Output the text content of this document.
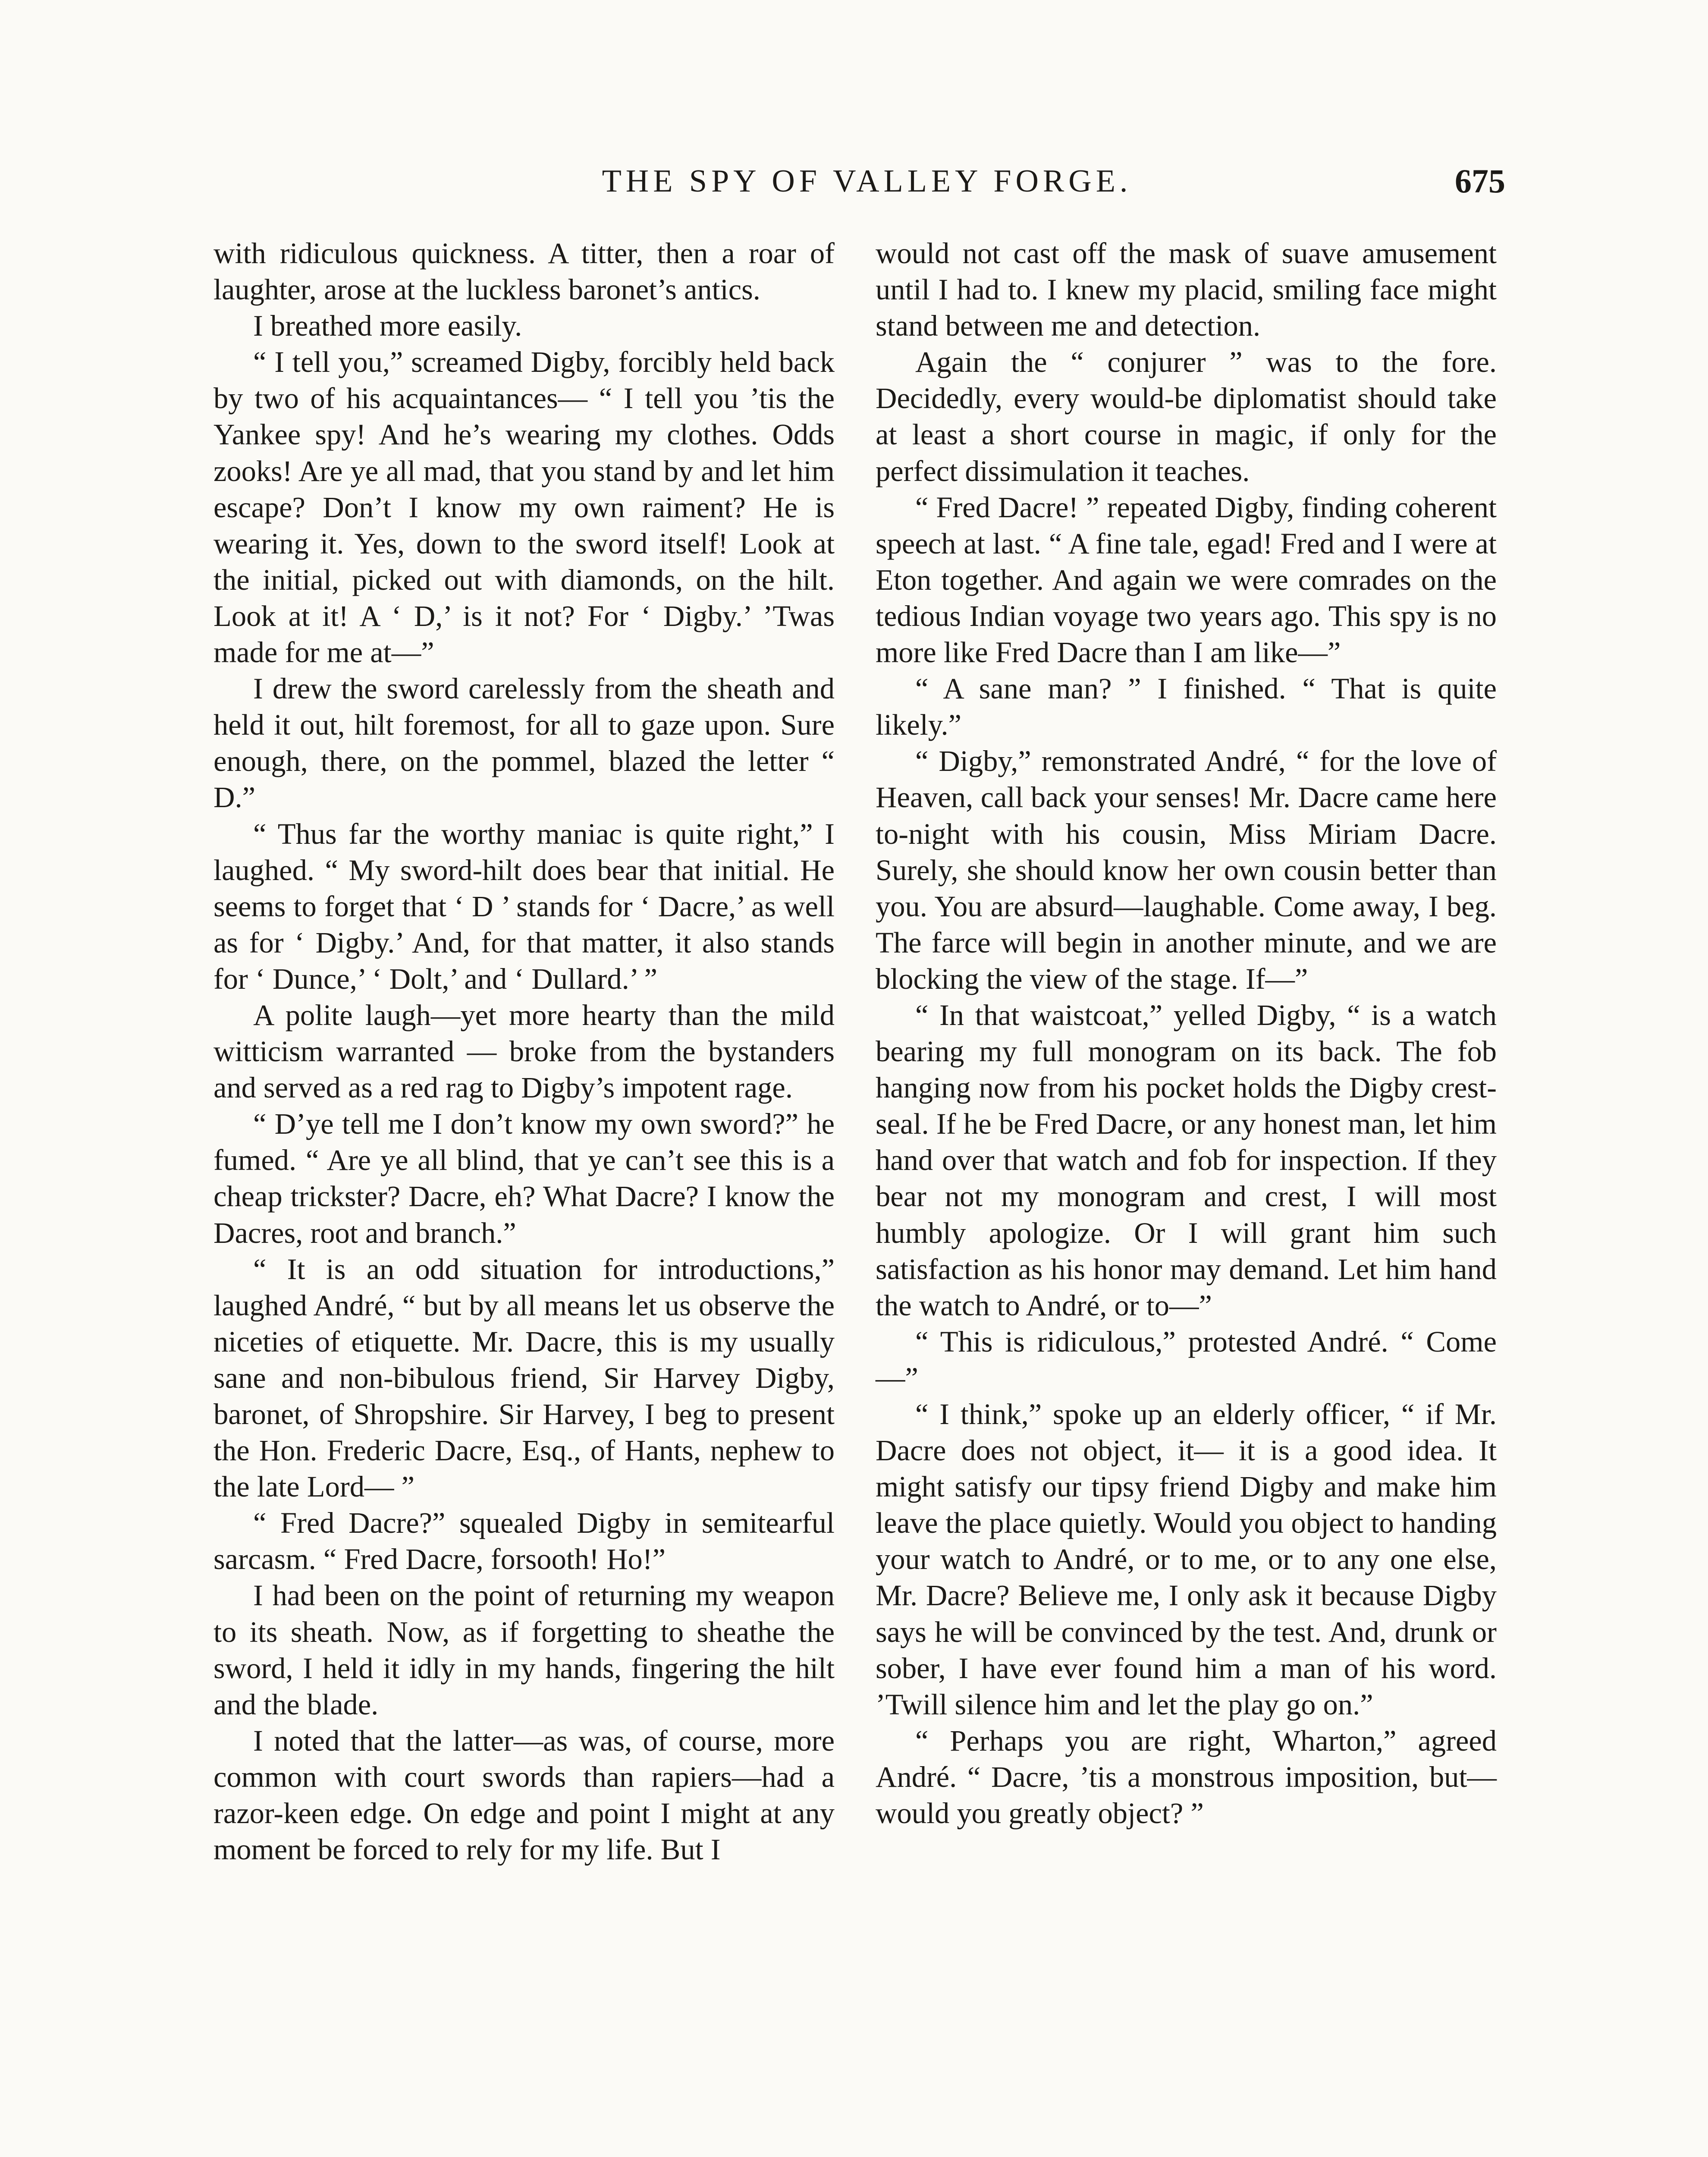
THE SPY OF VALLEY FORGE.	675

with ridiculous quickness. A titter, then a roar of laughter, arose at the luckless baronet’s antics.

I breathed more easily.

“ I tell you,” screamed Digby, forcibly held back by two of his acquaintances— “ I tell you ’tis the Yankee spy! And he’s wearing my clothes. Odds zooks! Are ye all mad, that you stand by and let him escape? Don’t I know my own raiment? He is wearing it. Yes, down to the sword itself! Look at the initial, picked out with diamonds, on the hilt. Look at it! A ‘ D,’ is it not? For ‘ Digby.’ ’Twas made for me at—”

I drew the sword carelessly from the sheath and held it out, hilt foremost, for all to gaze upon. Sure enough, there, on the pommel, blazed the letter “ D.”

“ Thus far the worthy maniac is quite right,” I laughed. “ My sword-hilt does bear that initial. He seems to forget that ‘ D ’ stands for ‘ Dacre,’ as well as for ‘ Digby.’ And, for that matter, it also stands for ‘ Dunce,’ ‘ Dolt,’ and ‘ Dullard.’ ”

A polite laugh—yet more hearty than the mild witticism warranted — broke from the bystanders and served as a red rag to Digby’s impotent rage.

“ D’ye tell me I don’t know my own sword?” he fumed. “ Are ye all blind, that ye can’t see this is a cheap trickster? Dacre, eh? What Dacre? I know the Dacres, root and branch.”

“ It is an odd situation for introductions,” laughed André, “ but by all means let us observe the niceties of etiquette. Mr. Dacre, this is my usually sane and non-bibulous friend, Sir Harvey Digby, baronet, of Shropshire. Sir Harvey, I beg to present the Hon. Frederic Dacre, Esq., of Hants, nephew to the late Lord— ”

“ Fred Dacre?” squealed Digby in semitearful sarcasm. “ Fred Dacre, forsooth! Ho!”

I had been on the point of returning my weapon to its sheath. Now, as if forgetting to sheathe the sword, I held it idly in my hands, fingering the hilt and the blade.

I noted that the latter—as was, of course, more common with court swords than rapiers—had a razor-keen edge. On edge and point I might at any moment be forced to rely for my life. But I

would not cast off the mask of suave amusement until I had to. I knew my placid, smiling face might stand between me and detection.

Again the “ conjurer ” was to the fore. Decidedly, every would-be diplomatist should take at least a short course in magic, if only for the perfect dissimulation it teaches.

“ Fred Dacre! ” repeated Digby, finding coherent speech at last. “ A fine tale, egad! Fred and I were at Eton together. And again we were comrades on the tedious Indian voyage two years ago. This spy is no more like Fred Dacre than I am like—”

“ A sane man? ” I finished. “ That is quite likely.”

“ Digby,” remonstrated André, “ for the love of Heaven, call back your senses! Mr. Dacre came here to-night with his cousin, Miss Miriam Dacre. Surely, she should know her own cousin better than you. You are absurd—laughable. Come away, I beg. The farce will begin in another minute, and we are blocking the view of the stage. If—”

“ In that waistcoat,” yelled Digby, “ is a watch bearing my full monogram on its back. The fob hanging now from his pocket holds the Digby crest-seal. If he be Fred Dacre, or any honest man, let him hand over that watch and fob for inspection. If they bear not my monogram and crest, I will most humbly apologize. Or I will grant him such satisfaction as his honor may demand. Let him hand the watch to André, or to—”

“ This is ridiculous,” protested André. “ Come—”

“ I think,” spoke up an elderly officer, “ if Mr. Dacre does not object, it— it is a good idea. It might satisfy our tipsy friend Digby and make him leave the place quietly. Would you object to handing your watch to André, or to me, or to any one else, Mr. Dacre? Believe me, I only ask it because Digby says he will be convinced by the test. And, drunk or sober, I have ever found him a man of his word. ’Twill silence him and let the play go on.”

“ Perhaps you are right, Wharton,” agreed André. “ Dacre, ’tis a monstrous imposition, but—would you greatly object? ”
